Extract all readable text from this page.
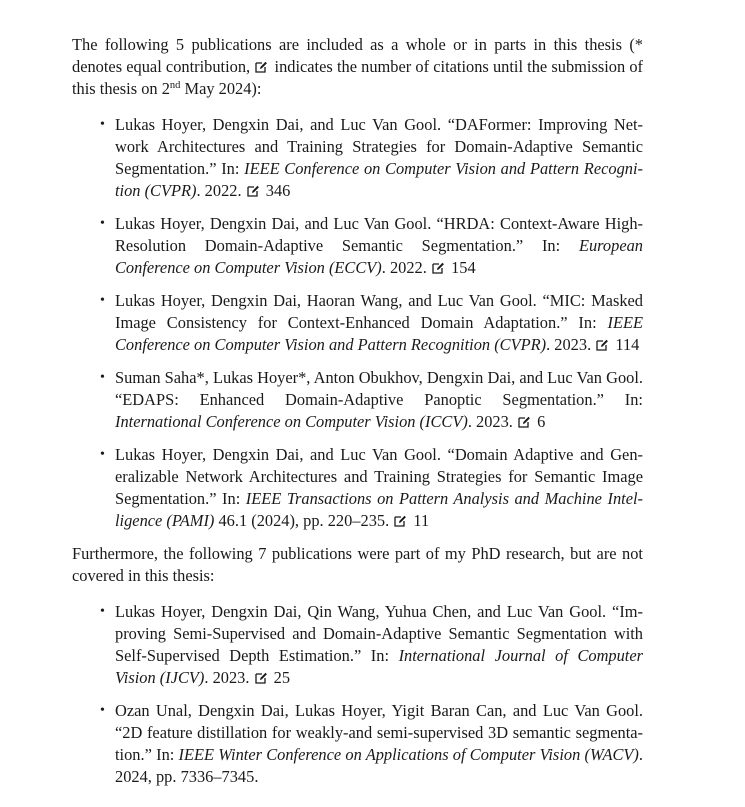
The following 5 publications are included as a whole or in parts in this thesis (* denotes equal contribution,
indicates the number of citations until the submission of this thesis on 2nd May 2024):

• Lukas Hoyer, Dengxin Dai, and Luc Van Gool. “DAFormer: Improving Network Architectures and Training Strategies for Domain-Adaptive Semantic Segmentation.” In: IEEE Conference on Computer Vision and Pattern Recognition (CVPR). 2022. 346
• Lukas Hoyer, Dengxin Dai, and Luc Van Gool. “HRDA: Context-Aware High-Resolution Domain-Adaptive Semantic Segmentation.” In: European Conference on Computer Vision (ECCV). 2022. 154
• Lukas Hoyer, Dengxin Dai, Haoran Wang, and Luc Van Gool. “MIC: Masked Image Consistency for Context-Enhanced Domain Adaptation.” In: IEEE Conference on Computer Vision and Pattern Recognition (CVPR). 2023. 114
• Suman Saha*, Lukas Hoyer*, Anton Obukhov, Dengxin Dai, and Luc Van Gool. “EDAPS: Enhanced Domain-Adaptive Panoptic Segmentation.” In: International Conference on Computer Vision (ICCV). 2023. 6
• Lukas Hoyer, Dengxin Dai, and Luc Van Gool. “Domain Adaptive and Generalizable Network Architectures and Training Strategies for Semantic Image Segmentation.” In: IEEE Transactions on Pattern Analysis and Machine Intelligence (PAMI) 46.1 (2024), pp. 220–235. 11

Furthermore, the following 7 publications were part of my PhD research, but are not covered in this thesis:

• Lukas Hoyer, Dengxin Dai, Qin Wang, Yuhua Chen, and Luc Van Gool. “Improving Semi-Supervised and Domain-Adaptive Semantic Segmentation with Self-Supervised Depth Estimation.” In: International Journal of Computer Vision (IJCV). 2023. 25
• Ozan Unal, Dengxin Dai, Lukas Hoyer, Yigit Baran Can, and Luc Van Gool. “2D feature distillation for weakly-and semi-supervised 3D semantic segmentation.” In: IEEE Winter Conference on Applications of Computer Vision (WACV). 2024, pp. 7336–7345.
